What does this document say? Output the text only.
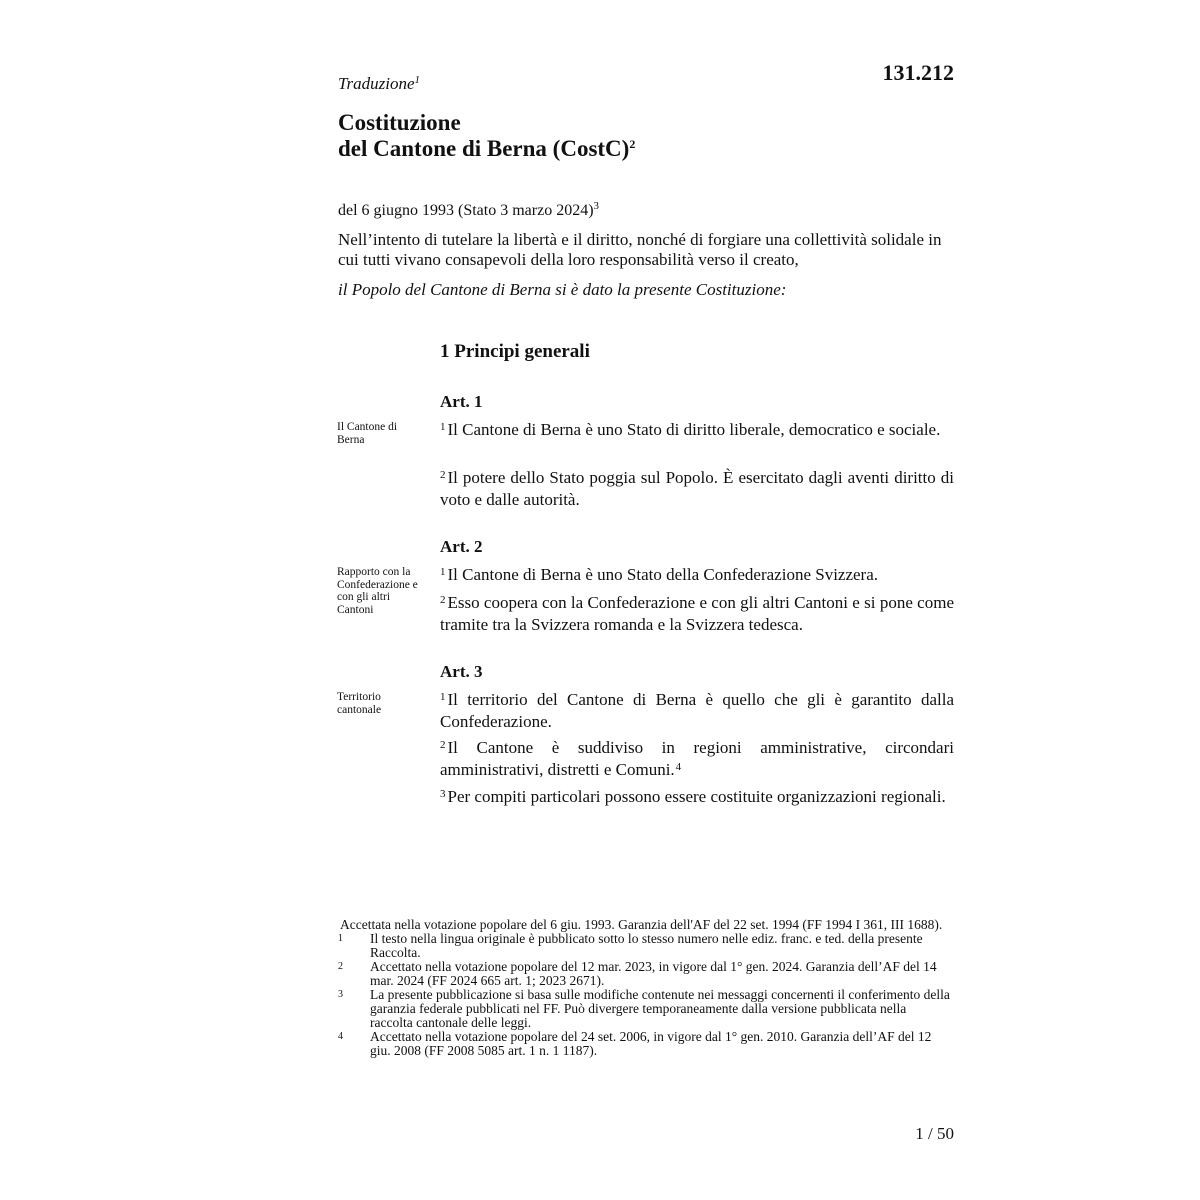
Traduzione$^1$	131.212
Costituzione
del Cantone di Berna (CostC)$^2$
del 6 giugno 1993 (Stato 3 marzo 2024)$^3$
Nell’intento di tutelare la libertà e il diritto, nonché di forgiare una collettività solidale in cui tutti vivano consapevoli della loro responsabilità verso il creato,
il Popolo del Cantone di Berna si è dato la presente Costituzione:
1 Principi generali
Art. 1
Il Cantone di Berna
$^1$ Il Cantone di Berna è uno Stato di diritto liberale, democratico e sociale.
$^2$ Il potere dello Stato poggia sul Popolo. È esercitato dagli aventi diritto di voto e dalle autorità.
Art. 2
Rapporto con la Confederazione e con gli altri Cantoni
$^1$ Il Cantone di Berna è uno Stato della Confederazione Svizzera.
$^2$ Esso coopera con la Confederazione e con gli altri Cantoni e si pone come tramite tra la Svizzera romanda e la Svizzera tedesca.
Art. 3
Territorio cantonale
$^1$ Il territorio del Cantone di Berna è quello che gli è garantito dalla Confederazione.
$^2$ Il Cantone è suddiviso in regioni amministrative, circondari amministrativi, distretti e Comuni.$^4$
$^3$ Per compiti particolari possono essere costituite organizzazioni regionali.
Accettata nella votazione popolare del 6 giu. 1993. Garanzia dell'AF del 22 set. 1994 (FF 1994 I 361, III 1688).
1	Il testo nella lingua originale è pubblicato sotto lo stesso numero nelle ediz. franc. e ted. della presente Raccolta.
2	Accettato nella votazione popolare del 12 mar. 2023, in vigore dal 1° gen. 2024. Garanzia dell’AF del 14 mar. 2024 (FF 2024 665 art. 1; 2023 2671).
3	La presente pubblicazione si basa sulle modifiche contenute nei messaggi concernenti il conferimento della garanzia federale pubblicati nel FF. Può divergere temporaneamente dalla versione pubblicata nella raccolta cantonale delle leggi.
4	Accettato nella votazione popolare del 24 set. 2006, in vigore dal 1° gen. 2010. Garanzia dell’AF del 12 giu. 2008 (FF 2008 5085 art. 1 n. 1 1187).
1 / 50
